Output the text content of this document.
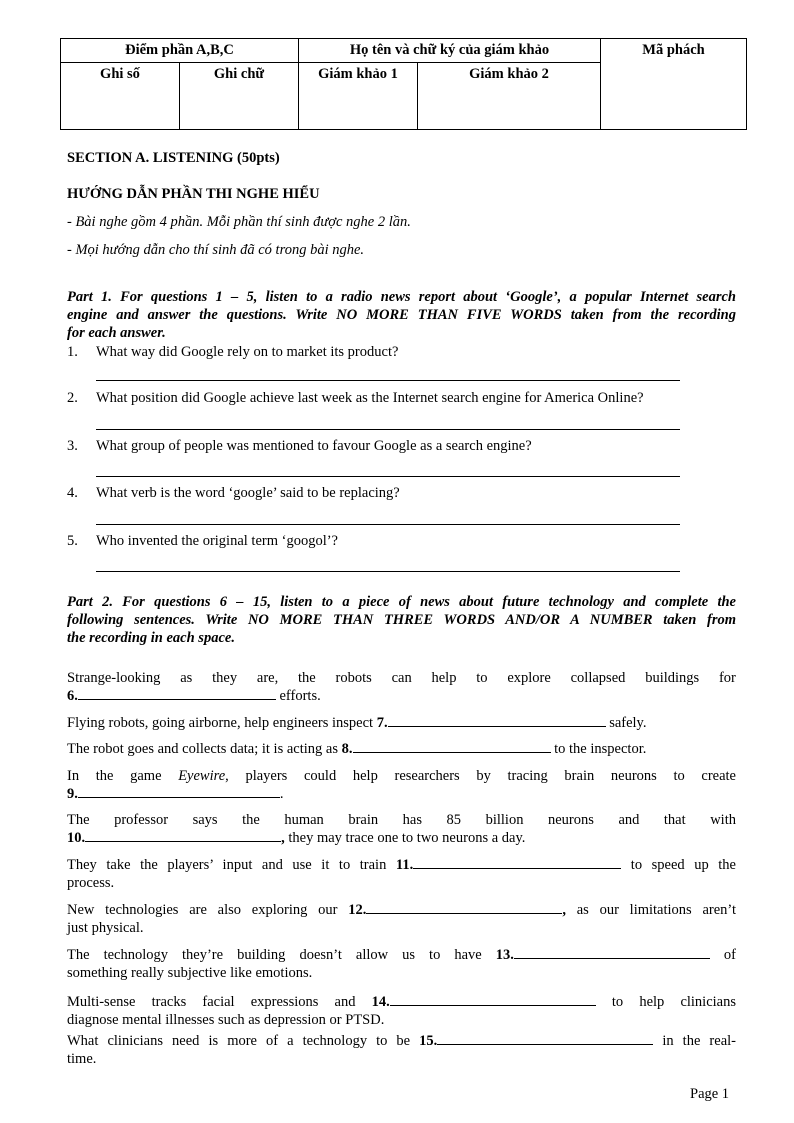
Điểm phần A,B,C		Họ tên và chữ ký của giám khảo		Mã phách
Ghi số	Ghi chữ	Giám khảo 1	Giám khảo 2	
SECTION A. LISTENING (50pts)
HƯỚNG DẪN PHẦN THI NGHE HIỂU
- Bài nghe gồm 4 phần. Mỗi phần thí sinh được nghe 2 lần.
- Mọi hướng dẫn cho thí sinh đã có trong bài nghe.
Part 1. For questions 1 – 5, listen to a radio news report about ‘Google’, a popular Internet search
engine and answer the questions. Write NO MORE THAN FIVE WORDS taken from the recording
for each answer.
1. What way did Google rely on to market its product?
2. What position did Google achieve last week as the Internet search engine for America Online?
3. What group of people was mentioned to favour Google as a search engine?
4. What verb is the word ‘google’ said to be replacing?
5. Who invented the original term ‘googol’?
Part 2. For questions 6 – 15, listen to a piece of news about future technology and complete the
following sentences. Write NO MORE THAN THREE WORDS AND/OR A NUMBER taken from
the recording in each space.
Strange-looking as they are, the robots can help to explore collapsed buildings for
6.	efforts.
Flying robots, going airborne, help engineers inspect 7.	safely.
The robot goes and collects data; it is acting as 8.	to the inspector.
In the game Eyewire, players could help researchers by tracing brain neurons to create
9.	.
The professor says the human brain has 85 billion neurons and that with
10.	, they may trace one to two neurons a day.
They take the players’ input and use it to train 11.	to speed up the
process.
New technologies are also exploring our 12.	, as our limitations aren’t
just physical.
The technology they’re building doesn’t allow us to have 13.	of
something really subjective like emotions.
Multi-sense tracks facial expressions and 14.	to help clinicians
diagnose mental illnesses such as depression or PTSD.
What clinicians need is more of a technology to be 15.	in the real-
time.
Page 1
